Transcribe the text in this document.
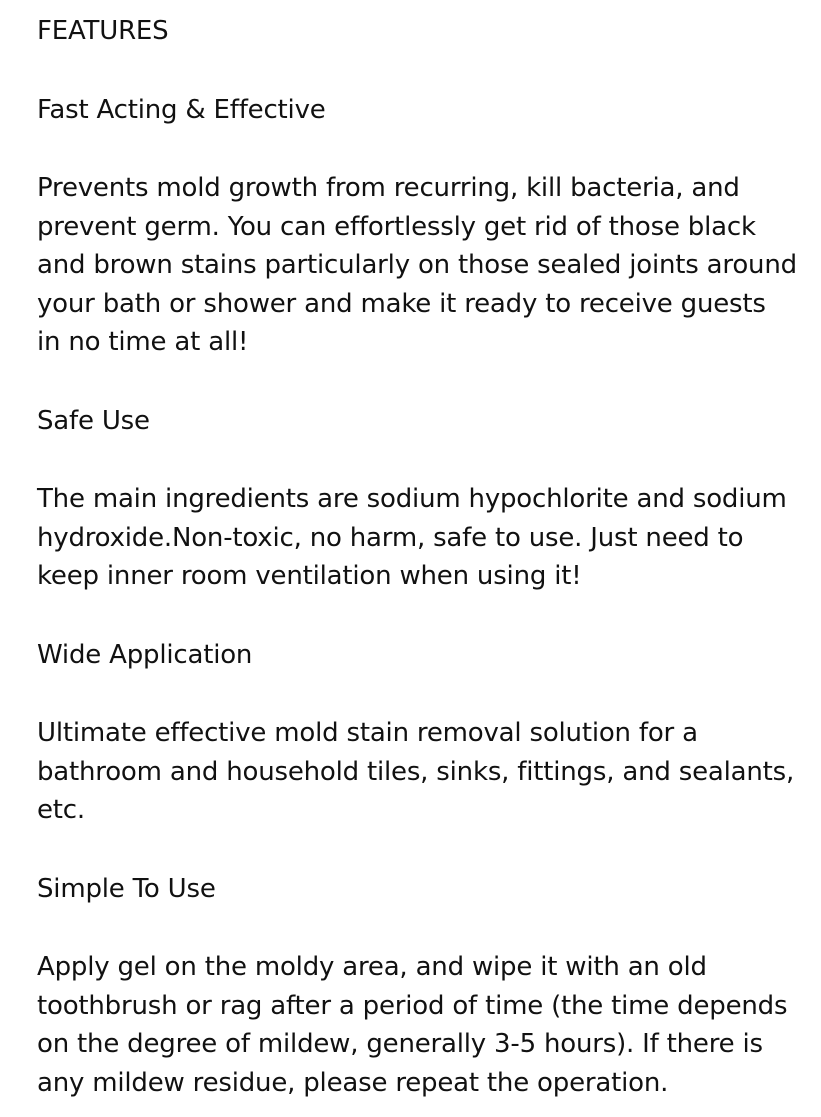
FEATURES

Fast Acting & Effective

Prevents mold growth from recurring, kill bacteria, and prevent germ. You can effortlessly get rid of those black and brown stains particularly on those sealed joints around your bath or shower and make it ready to receive guests in no time at all!

Safe Use

The main ingredients are sodium hypochlorite and sodium hydroxide.Non-toxic, no harm, safe to use. Just need to keep inner room ventilation when using it!

Wide Application

Ultimate effective mold stain removal solution for a bathroom and household tiles, sinks, fittings, and sealants, etc.

Simple To Use

Apply gel on the moldy area, and wipe it with an old toothbrush or rag after a period of time (the time depends on the degree of mildew, generally 3-5 hours). If there is any mildew residue, please repeat the operation.
